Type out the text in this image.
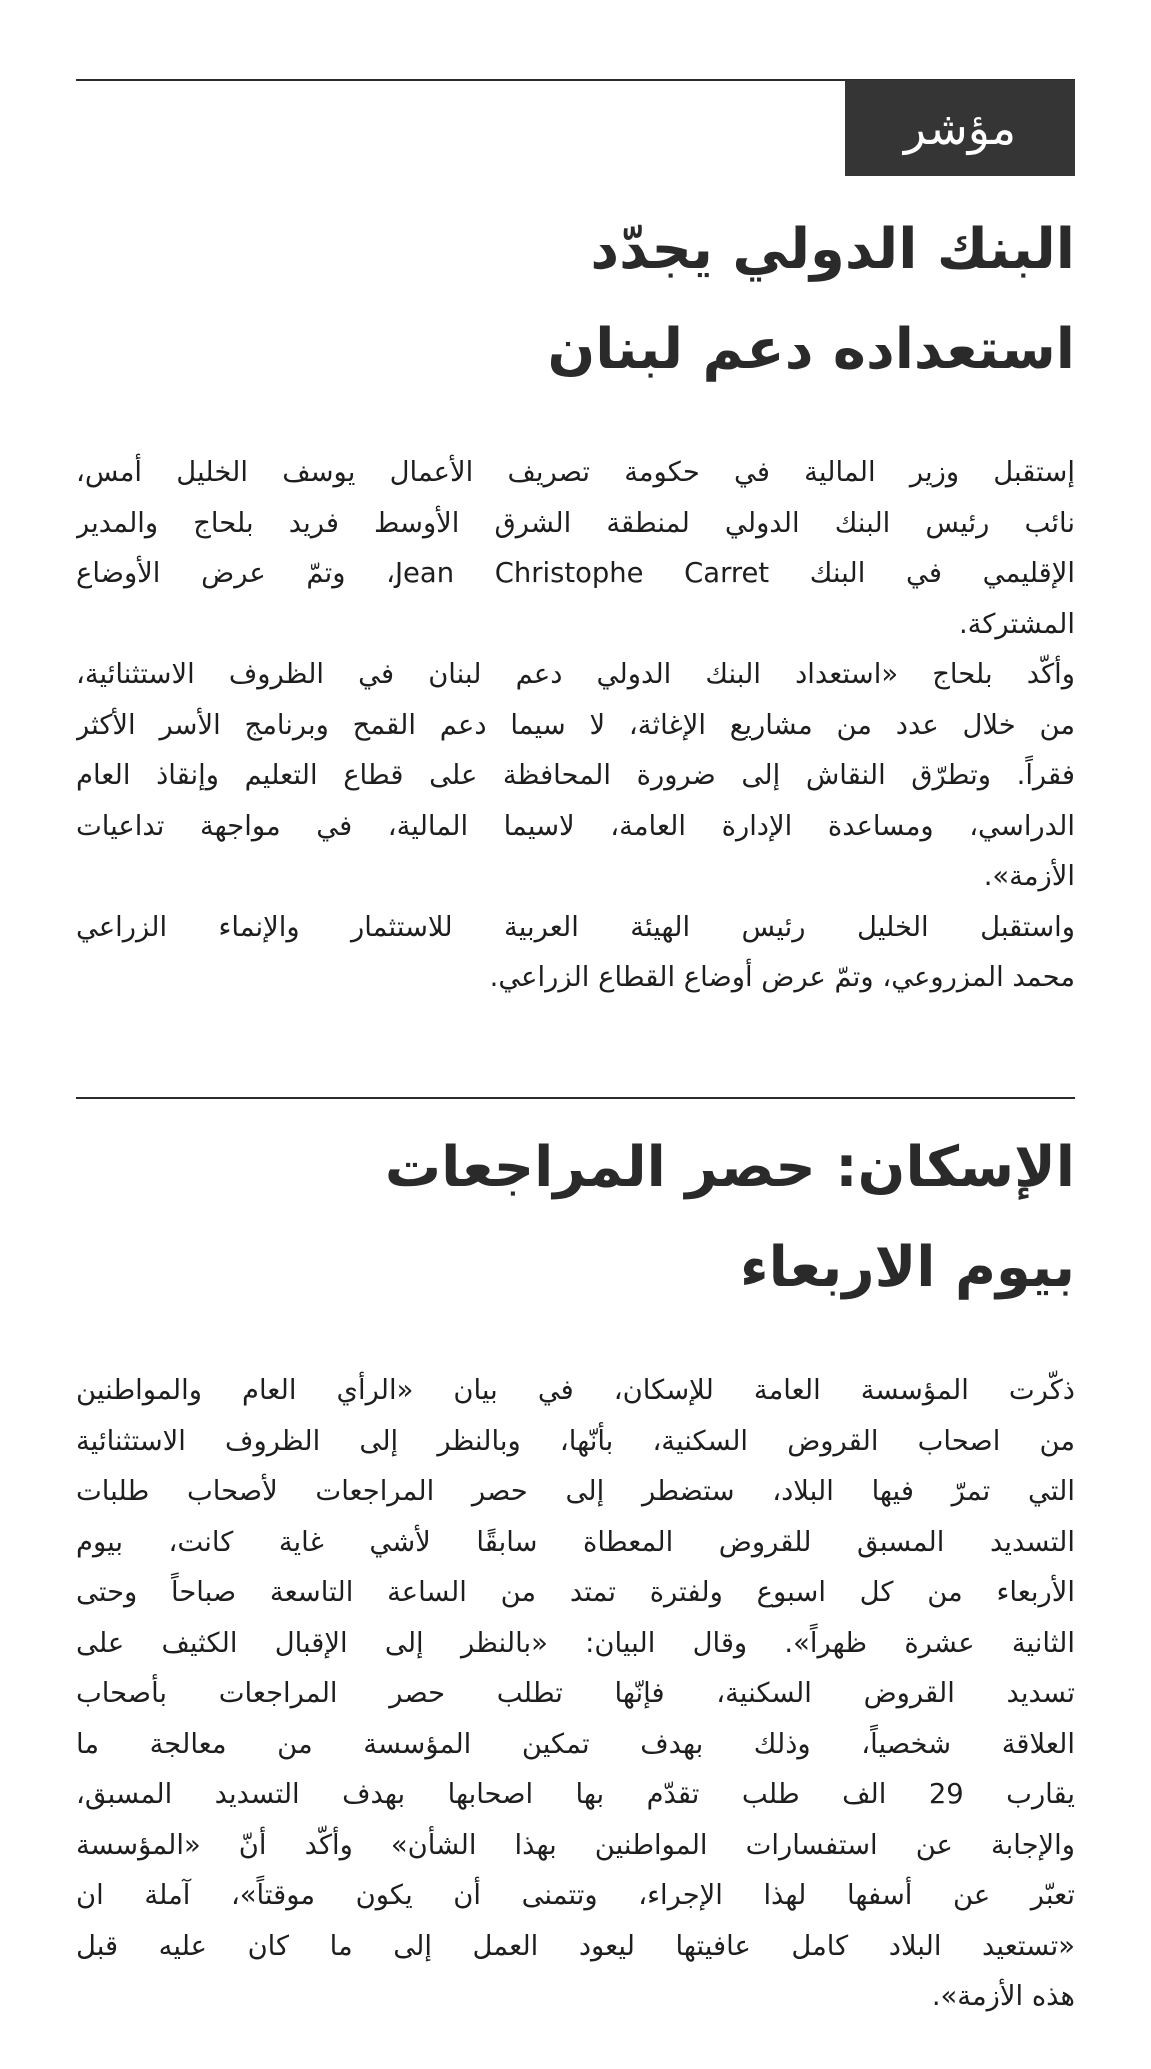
مؤشر
البنك الدولي يجدّد
استعداده دعم لبنان
إستقبل وزير المالية في حكومة تصريف الأعمال يوسف الخليل أمس،
نائب رئيس البنك الدولي لمنطقة الشرق الأوسط فريد بلحاج والمدير
الإقليمي في البنك Jean Christophe Carret، وتمّ عرض الأوضاع
المشتركة.
وأكّد بلحاج «استعداد البنك الدولي دعم لبنان في الظروف الاستثنائية،
من خلال عدد من مشاريع الإغاثة، لا سيما دعم القمح وبرنامج الأسر الأكثر
فقراً. وتطرّق النقاش إلى ضرورة المحافظة على قطاع التعليم وإنقاذ العام
الدراسي، ومساعدة الإدارة العامة، لاسيما المالية، في مواجهة تداعيات
الأزمة».
واستقبل الخليل رئيس الهيئة العربية للاستثمار والإنماء الزراعي
محمد المزروعي، وتمّ عرض أوضاع القطاع الزراعي.
الإسكان: حصر المراجعات
بيوم الاربعاء
ذكّرت المؤسسة العامة للإسكان، في بيان «الرأي العام والمواطنين
من اصحاب القروض السكنية، بأنّها، وبالنظر إلى الظروف الاستثنائية
التي تمرّ فيها البلاد، ستضطر إلى حصر المراجعات لأصحاب طلبات
التسديد المسبق للقروض المعطاة سابقًا لأشي غاية كانت، بيوم
الأربعاء من كل اسبوع ولفترة تمتد من الساعة التاسعة صباحاً وحتى
الثانية عشرة ظهراً». وقال البيان: «بالنظر إلى الإقبال الكثيف على
تسديد القروض السكنية، فإنّها تطلب حصر المراجعات بأصحاب
العلاقة شخصياً، وذلك بهدف تمكين المؤسسة من معالجة ما
يقارب 29 الف طلب تقدّم بها اصحابها بهدف التسديد المسبق،
والإجابة عن استفسارات المواطنين بهذا الشأن» وأكّد أنّ «المؤسسة
تعبّر عن أسفها لهذا الإجراء، وتتمنى أن يكون موقتاً»، آملة ان
«تستعيد البلاد كامل عافيتها ليعود العمل إلى ما كان عليه قبل
هذه الأزمة».
